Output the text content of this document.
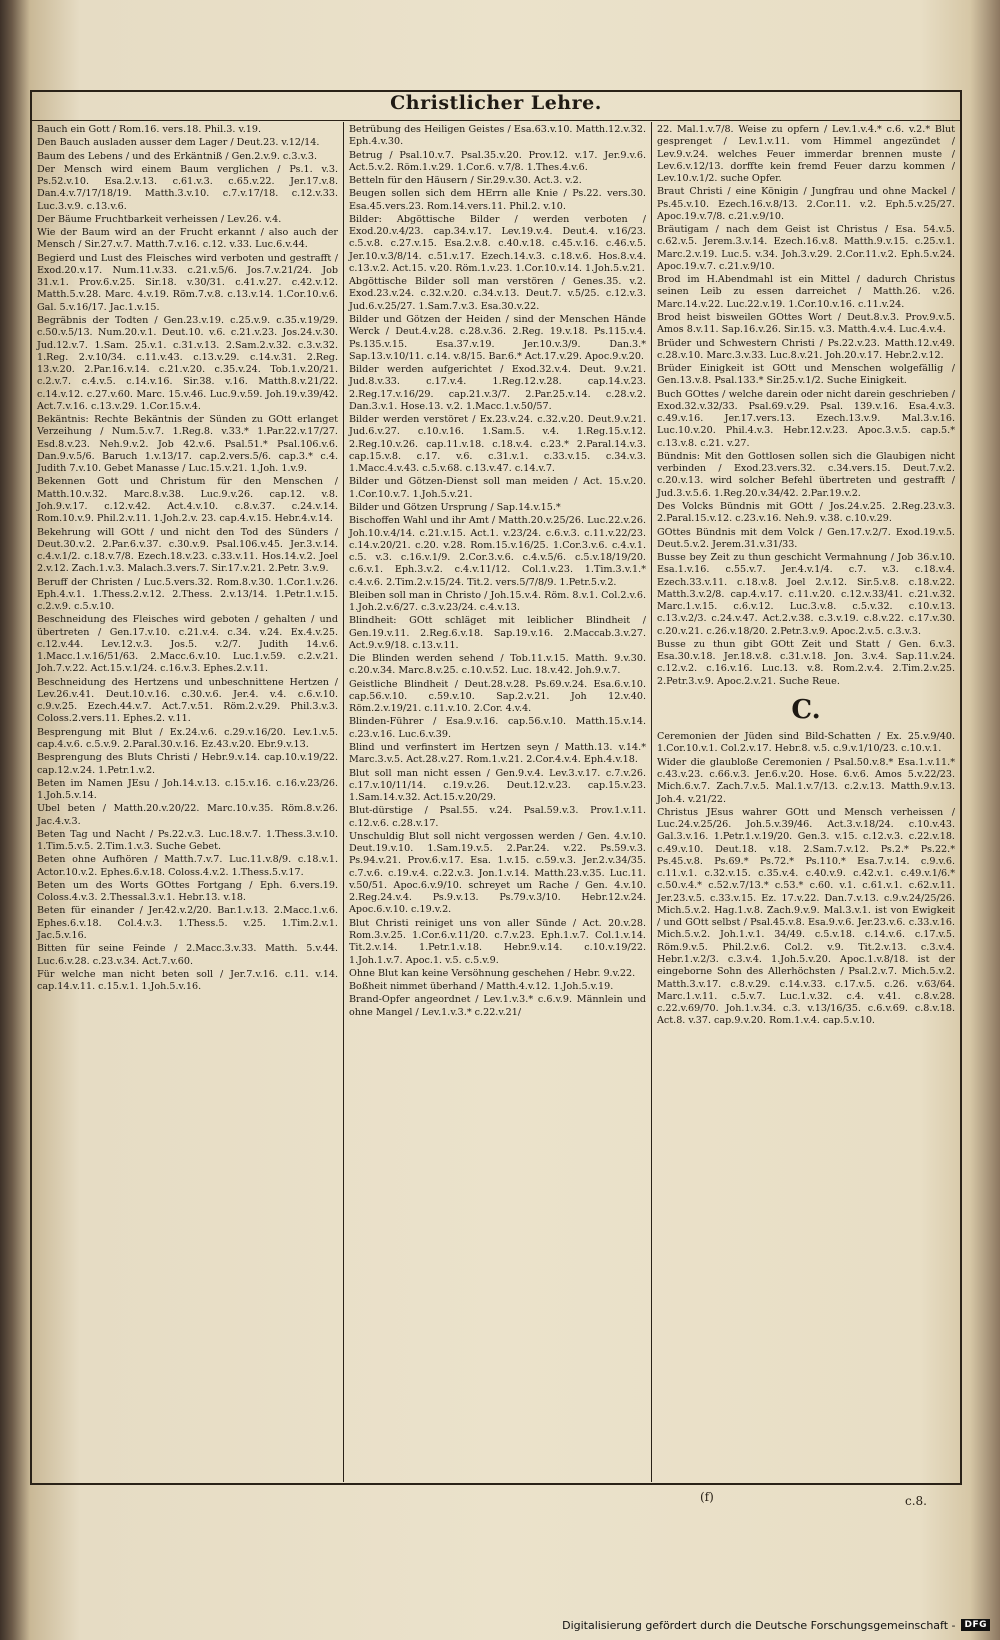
Christlicher Lehre.
Bauch ein Gott / Rom.16. vers.18. Phil.3. v.19.
Den Bauch ausladen ausser dem Lager / Deut.23. v.12/14.
Baum des Lebens / und des Erkäntniß / Gen.2.v.9. c.3.v.3.
Der Mensch wird einem Baum verglichen / Ps.1. v.3. Ps.52.v.10. Esa.2.v.13. c.61.v.3. c.65.v.22. Jer.17.v.8. Dan.4.v.7/17/18/19. Matth.3.v.10. c.7.v.17/18. c.12.v.33. Luc.3.v.9. c.13.v.6.
Der Bäume Fruchtbarkeit verheissen / Lev.26. v.4.
Wie der Baum wird an der Frucht erkannt / also auch der Mensch / Sir.27.v.7. Matth.7.v.16. c.12. v.33. Luc.6.v.44.
Begierd und Lust des Fleisches wird verboten und gestrafft / Exod.20.v.17. Num.11.v.33. c.21.v.5/6. Jos.7.v.21/24. Job 31.v.1. Prov.6.v.25. Sir.18. v.30/31. c.41.v.27. c.42.v.12. Matth.5.v.28. Marc. 4.v.19. Röm.7.v.8. c.13.v.14. 1.Cor.10.v.6. Gal. 5.v.16/17. Jac.1.v.15.
Begräbnis der Todten / Gen.23.v.19. c.25.v.9. c.35.v.19/29. c.50.v.5/13. Num.20.v.1. Deut.10. v.6. c.21.v.23. Jos.24.v.30. Jud.12.v.7. 1.Sam. 25.v.1. c.31.v.13. 2.Sam.2.v.32. c.3.v.32. 1.Reg. 2.v.10/34. c.11.v.43. c.13.v.29. c.14.v.31. 2.Reg. 13.v.20. 2.Par.16.v.14. c.21.v.20. c.35.v.24. Tob.1.v.20/21. c.2.v.7. c.4.v.5. c.14.v.16. Sir.38. v.16. Matth.8.v.21/22. c.14.v.12. c.27.v.60. Marc. 15.v.46. Luc.9.v.59. Joh.19.v.39/42. Act.7.v.16. c.13.v.29. 1.Cor.15.v.4.
Bekäntnis: Rechte Bekäntnis der Sünden zu GOtt erlanget Verzeihung / Num.5.v.7. 1.Reg.8. v.33.* 1.Par.22.v.17/27. Esd.8.v.23. Neh.9.v.2. Job 42.v.6. Psal.51.* Psal.106.v.6. Dan.9.v.5/6. Baruch 1.v.13/17. cap.2.vers.5/6. cap.3.* c.4. Judith 7.v.10. Gebet Manasse / Luc.15.v.21. 1.Joh. 1.v.9.
Bekennen Gott und Christum für den Menschen / Matth.10.v.32. Marc.8.v.38. Luc.9.v.26. cap.12. v.8. Joh.9.v.17. c.12.v.42. Act.4.v.10. c.8.v.37. c.24.v.14. Rom.10.v.9. Phil.2.v.11. 1.Joh.2.v. 23. cap.4.v.15. Hebr.4.v.14.
Bekehrung will GOtt / und nicht den Tod des Sünders / Deut.30.v.2. 2.Par.6.v.37. c.30.v.9. Psal.106.v.45. Jer.3.v.14. c.4.v.1/2. c.18.v.7/8. Ezech.18.v.23. c.33.v.11. Hos.14.v.2. Joel 2.v.12. Zach.1.v.3. Malach.3.vers.7. Sir.17.v.21. 2.Petr. 3.v.9.
Beruff der Christen / Luc.5.vers.32. Rom.8.v.30. 1.Cor.1.v.26. Eph.4.v.1. 1.Thess.2.v.12. 2.Thess. 2.v.13/14. 1.Petr.1.v.15. c.2.v.9. c.5.v.10.
Beschneidung des Fleisches wird geboten / gehalten / und übertreten / Gen.17.v.10. c.21.v.4. c.34. v.24. Ex.4.v.25. c.12.v.44. Lev.12.v.3. Jos.5. v.2/7. Judith 14.v.6. 1.Macc.1.v.16/51/63. 2.Macc.6.v.10. Luc.1.v.59. c.2.v.21. Joh.7.v.22. Act.15.v.1/24. c.16.v.3. Ephes.2.v.11.
Beschneidung des Hertzens und unbeschnittene Hertzen / Lev.26.v.41. Deut.10.v.16. c.30.v.6. Jer.4. v.4. c.6.v.10. c.9.v.25. Ezech.44.v.7. Act.7.v.51. Röm.2.v.29. Phil.3.v.3. Coloss.2.vers.11. Ephes.2. v.11.
Besprengung mit Blut / Ex.24.v.6. c.29.v.16/20. Lev.1.v.5. cap.4.v.6. c.5.v.9. 2.Paral.30.v.16. Ez.43.v.20. Ebr.9.v.13.
Besprengung des Bluts Christi / Hebr.9.v.14. cap.10.v.19/22. cap.12.v.24. 1.Petr.1.v.2.
Beten im Namen JEsu / Joh.14.v.13. c.15.v.16. c.16.v.23/26. 1.Joh.5.v.14.
Ubel beten / Matth.20.v.20/22. Marc.10.v.35. Röm.8.v.26. Jac.4.v.3.
Beten Tag und Nacht / Ps.22.v.3. Luc.18.v.7. 1.Thess.3.v.10. 1.Tim.5.v.5. 2.Tim.1.v.3. Suche Gebet.
Beten ohne Aufhören / Matth.7.v.7. Luc.11.v.8/9. c.18.v.1. Actor.10.v.2. Ephes.6.v.18. Coloss.4.v.2. 1.Thess.5.v.17.
Beten um des Worts GOttes Fortgang / Eph. 6.vers.19. Coloss.4.v.3. 2.Thessal.3.v.1. Hebr.13. v.18.
Beten für einander / Jer.42.v.2/20. Bar.1.v.13. 2.Macc.1.v.6. Ephes.6.v.18. Col.4.v.3. 1.Thess.5. v.25. 1.Tim.2.v.1. Jac.5.v.16.
Bitten für seine Feinde / 2.Macc.3.v.33. Matth. 5.v.44. Luc.6.v.28. c.23.v.34. Act.7.v.60.
Für welche man nicht beten soll / Jer.7.v.16. c.11. v.14. cap.14.v.11. c.15.v.1. 1.Joh.5.v.16.
Betrübung des Heiligen Geistes / Esa.63.v.10. Matth.12.v.32. Eph.4.v.30.
Betrug / Psal.10.v.7. Psal.35.v.20. Prov.12. v.17. Jer.9.v.6. Act.5.v.2. Röm.1.v.29. 1.Cor.6. v.7/8. 1.Thes.4.v.6.
Betteln für den Häusern / Sir.29.v.30. Act.3. v.2.
Beugen sollen sich dem HErrn alle Knie / Ps.22. vers.30. Esa.45.vers.23. Rom.14.vers.11. Phil.2. v.10.
Bilder: Abgöttische Bilder / werden verboten / Exod.20.v.4/23. cap.34.v.17. Lev.19.v.4. Deut.4. v.16/23. c.5.v.8. c.27.v.15. Esa.2.v.8. c.40.v.18. c.45.v.16. c.46.v.5. Jer.10.v.3/8/14. c.51.v.17. Ezech.14.v.3. c.18.v.6. Hos.8.v.4. c.13.v.2. Act.15. v.20. Röm.1.v.23. 1.Cor.10.v.14. 1.Joh.5.v.21.
Abgöttische Bilder soll man verstören / Genes.35. v.2. Exod.23.v.24. c.32.v.20. c.34.v.13. Deut.7. v.5/25. c.12.v.3. Jud.6.v.25/27. 1.Sam.7.v.3. Esa.30.v.22.
Bilder und Götzen der Heiden / sind der Menschen Hände Werck / Deut.4.v.28. c.28.v.36. 2.Reg. 19.v.18. Ps.115.v.4. Ps.135.v.15. Esa.37.v.19. Jer.10.v.3/9. Dan.3.* Sap.13.v.10/11. c.14. v.8/15. Bar.6.* Act.17.v.29. Apoc.9.v.20.
Bilder werden aufgerichtet / Exod.32.v.4. Deut. 9.v.21. Jud.8.v.33. c.17.v.4. 1.Reg.12.v.28. cap.14.v.23. 2.Reg.17.v.16/29. cap.21.v.3/7. 2.Par.25.v.14. c.28.v.2. Dan.3.v.1. Hose.13. v.2. 1.Macc.1.v.50/57.
Bilder werden verstöret / Ex.23.v.24. c.32.v.20. Deut.9.v.21. Jud.6.v.27. c.10.v.16. 1.Sam.5. v.4. 1.Reg.15.v.12. 2.Reg.10.v.26. cap.11.v.18. c.18.v.4. c.23.* 2.Paral.14.v.3. cap.15.v.8. c.17. v.6. c.31.v.1. c.33.v.15. c.34.v.3. 1.Macc.4.v.43. c.5.v.68. c.13.v.47. c.14.v.7.
Bilder und Götzen-Dienst soll man meiden / Act. 15.v.20. 1.Cor.10.v.7. 1.Joh.5.v.21.
Bilder und Götzen Ursprung / Sap.14.v.15.*
Bischoffen Wahl und ihr Amt / Matth.20.v.25/26. Luc.22.v.26. Joh.10.v.4/14. c.21.v.15. Act.1. v.23/24. c.6.v.3. c.11.v.22/23. c.14.v.20/21. c.20. v.28. Rom.15.v.16/25. 1.Cor.3.v.6. c.4.v.1. c.5. v.3. c.16.v.1/9. 2.Cor.3.v.6. c.4.v.5/6. c.5.v.18/19/20. c.6.v.1. Eph.3.v.2. c.4.v.11/12. Col.1.v.23. 1.Tim.3.v.1.* c.4.v.6. 2.Tim.2.v.15/24. Tit.2. vers.5/7/8/9. 1.Petr.5.v.2.
Bleiben soll man in Christo / Joh.15.v.4. Röm. 8.v.1. Col.2.v.6. 1.Joh.2.v.6/27. c.3.v.23/24. c.4.v.13.
Blindheit: GOtt schläget mit leiblicher Blindheit / Gen.19.v.11. 2.Reg.6.v.18. Sap.19.v.16. 2.Maccab.3.v.27. Act.9.v.9/18. c.13.v.11.
Die Blinden werden sehend / Tob.11.v.15. Matth. 9.v.30. c.20.v.34. Marc.8.v.25. c.10.v.52. Luc. 18.v.42. Joh.9.v.7.
Geistliche Blindheit / Deut.28.v.28. Ps.69.v.24. Esa.6.v.10. cap.56.v.10. c.59.v.10. Sap.2.v.21. Joh 12.v.40. Röm.2.v.19/21. c.11.v.10. 2.Cor. 4.v.4.
Blinden-Führer / Esa.9.v.16. cap.56.v.10. Matth.15.v.14. c.23.v.16. Luc.6.v.39.
Blind und verfinstert im Hertzen seyn / Matth.13. v.14.* Marc.3.v.5. Act.28.v.27. Rom.1.v.21. 2.Cor.4.v.4. Eph.4.v.18.
Blut soll man nicht essen / Gen.9.v.4. Lev.3.v.17. c.7.v.26. c.17.v.10/11/14. c.19.v.26. Deut.12.v.23. cap.15.v.23. 1.Sam.14.v.32. Act.15.v.20/29.
Blut-dürstige / Psal.55. v.24. Psal.59.v.3. Prov.1.v.11. c.12.v.6. c.28.v.17.
Unschuldig Blut soll nicht vergossen werden / Gen. 4.v.10. Deut.19.v.10. 1.Sam.19.v.5. 2.Par.24. v.22. Ps.59.v.3. Ps.94.v.21. Prov.6.v.17. Esa. 1.v.15. c.59.v.3. Jer.2.v.34/35. c.7.v.6. c.19.v.4. c.22.v.3. Jon.1.v.14. Matth.23.v.35. Luc.11. v.50/51. Apoc.6.v.9/10. schreyet um Rache / Gen. 4.v.10. 2.Reg.24.v.4. Ps.9.v.13. Ps.79.v.3/10. Hebr.12.v.24. Apoc.6.v.10. c.19.v.2.
Blut Christi reiniget uns von aller Sünde / Act. 20.v.28. Rom.3.v.25. 1.Cor.6.v.11/20. c.7.v.23. Eph.1.v.7. Col.1.v.14. Tit.2.v.14. 1.Petr.1.v.18. Hebr.9.v.14. c.10.v.19/22. 1.Joh.1.v.7. Apoc.1. v.5. c.5.v.9.
Ohne Blut kan keine Versöhnung geschehen / Hebr. 9.v.22.
Boßheit nimmet überhand / Matth.4.v.12. 1.Joh.5.v.19.
Brand-Opfer angeordnet / Lev.1.v.3.* c.6.v.9. Männlein und ohne Mangel / Lev.1.v.3.* c.22.v.21/
22. Mal.1.v.7/8. Weise zu opfern / Lev.1.v.4.* c.6. v.2.* Blut gesprenget / Lev.1.v.11. vom Himmel angezündet / Lev.9.v.24. welches Feuer immerdar brennen muste / Lev.6.v.12/13. dorffte kein fremd Feuer darzu kommen / Lev.10.v.1/2. suche Opfer.
Braut Christi / eine Königin / Jungfrau und ohne Mackel / Ps.45.v.10. Ezech.16.v.8/13. 2.Cor.11. v.2. Eph.5.v.25/27. Apoc.19.v.7/8. c.21.v.9/10.
Bräutigam / nach dem Geist ist Christus / Esa. 54.v.5. c.62.v.5. Jerem.3.v.14. Ezech.16.v.8. Matth.9.v.15. c.25.v.1. Marc.2.v.19. Luc.5. v.34. Joh.3.v.29. 2.Cor.11.v.2. Eph.5.v.24. Apoc.19.v.7. c.21.v.9/10.
Brod im H.Abendmahl ist ein Mittel / dadurch Christus seinen Leib zu essen darreichet / Matth.26. v.26. Marc.14.v.22. Luc.22.v.19. 1.Cor.10.v.16. c.11.v.24.
Brod heist bisweilen GOttes Wort / Deut.8.v.3. Prov.9.v.5. Amos 8.v.11. Sap.16.v.26. Sir.15. v.3. Matth.4.v.4. Luc.4.v.4.
Brüder und Schwestern Christi / Ps.22.v.23. Matth.12.v.49. c.28.v.10. Marc.3.v.33. Luc.8.v.21. Joh.20.v.17. Hebr.2.v.12.
Brüder Einigkeit ist GOtt und Menschen wolgefällig / Gen.13.v.8. Psal.133.* Sir.25.v.1/2. Suche Einigkeit.
Buch GOttes / welche darein oder nicht darein geschrieben / Exod.32.v.32/33. Psal.69.v.29. Psal. 139.v.16. Esa.4.v.3. c.49.v.16. Jer.17.vers.13. Ezech.13.v.9. Mal.3.v.16. Luc.10.v.20. Phil.4.v.3. Hebr.12.v.23. Apoc.3.v.5. cap.5.* c.13.v.8. c.21. v.27.
Bündnis: Mit den Gottlosen sollen sich die Glaubigen nicht verbinden / Exod.23.vers.32. c.34.vers.15. Deut.7.v.2. c.20.v.13. wird solcher Befehl übertreten und gestrafft / Jud.3.v.5.6. 1.Reg.20.v.34/42. 2.Par.19.v.2.
Des Volcks Bündnis mit GOtt / Jos.24.v.25. 2.Reg.23.v.3. 2.Paral.15.v.12. c.23.v.16. Neh.9. v.38. c.10.v.29.
GOttes Bündnis mit dem Volck / Gen.17.v.2/7. Exod.19.v.5. Deut.5.v.2. Jerem.31.v.31/33.
Busse bey Zeit zu thun geschicht Vermahnung / Job 36.v.10. Esa.1.v.16. c.55.v.7. Jer.4.v.1/4. c.7. v.3. c.18.v.4. Ezech.33.v.11. c.18.v.8. Joel 2.v.12. Sir.5.v.8. c.18.v.22. Matth.3.v.2/8. cap.4.v.17. c.11.v.20. c.12.v.33/41. c.21.v.32. Marc.1.v.15. c.6.v.12. Luc.3.v.8. c.5.v.32. c.10.v.13. c.13.v.2/3. c.24.v.47. Act.2.v.38. c.3.v.19. c.8.v.22. c.17.v.30. c.20.v.21. c.26.v.18/20. 2.Petr.3.v.9. Apoc.2.v.5. c.3.v.3.
Busse zu thun gibt GOtt Zeit und Statt / Gen. 6.v.3. Esa.30.v.18. Jer.18.v.8. c.31.v.18. Jon. 3.v.4. Sap.11.v.24. c.12.v.2. c.16.v.16. Luc.13. v.8. Rom.2.v.4. 2.Tim.2.v.25. 2.Petr.3.v.9. Apoc.2.v.21. Suche Reue.
C.
Ceremonien der Jüden sind Bild-Schatten / Ex. 25.v.9/40. 1.Cor.10.v.1. Col.2.v.17. Hebr.8. v.5. c.9.v.1/10/23. c.10.v.1.
Wider die glaubloße Ceremonien / Psal.50.v.8.* Esa.1.v.11.* c.43.v.23. c.66.v.3. Jer.6.v.20. Hose. 6.v.6. Amos 5.v.22/23. Mich.6.v.7. Zach.7.v.5. Mal.1.v.7/13. c.2.v.13. Matth.9.v.13. Joh.4. v.21/22.
Christus JEsus wahrer GOtt und Mensch verheissen / Luc.24.v.25/26. Joh.5.v.39/46. Act.3.v.18/24. c.10.v.43. Gal.3.v.16. 1.Petr.1.v.19/20. Gen.3. v.15. c.12.v.3. c.22.v.18. c.49.v.10. Deut.18. v.18. 2.Sam.7.v.12. Ps.2.* Ps.22.* Ps.45.v.8. Ps.69.* Ps.72.* Ps.110.* Esa.7.v.14. c.9.v.6. c.11.v.1. c.32.v.15. c.35.v.4. c.40.v.9. c.42.v.1. c.49.v.1/6.* c.50.v.4.* c.52.v.7/13.* c.53.* c.60. v.1. c.61.v.1. c.62.v.11. Jer.23.v.5. c.33.v.15. Ez. 17.v.22. Dan.7.v.13. c.9.v.24/25/26. Mich.5.v.2. Hag.1.v.8. Zach.9.v.9. Mal.3.v.1. ist von Ewigkeit / und GOtt selbst / Psal.45.v.8. Esa.9.v.6. Jer.23.v.6. c.33.v.16. Mich.5.v.2. Joh.1.v.1. 34/49. c.5.v.18. c.14.v.6. c.17.v.5. Röm.9.v.5. Phil.2.v.6. Col.2. v.9. Tit.2.v.13. c.3.v.4. Hebr.1.v.2/3. c.3.v.4. 1.Joh.5.v.20. Apoc.1.v.8/18. ist der eingeborne Sohn des Allerhöchsten / Psal.2.v.7. Mich.5.v.2. Matth.3.v.17. c.8.v.29. c.14.v.33. c.17.v.5. c.26. v.63/64. Marc.1.v.11. c.5.v.7. Luc.1.v.32. c.4. v.41. c.8.v.28. c.22.v.69/70. Joh.1.v.34. c.3. v.13/16/35. c.6.v.69. c.8.v.18. Act.8. v.37. cap.9.v.20. Rom.1.v.4. cap.5.v.10.
(f)	c.8.
Digitalisierung gefördert durch die Deutsche Forschungsgemeinschaft -	DFG
